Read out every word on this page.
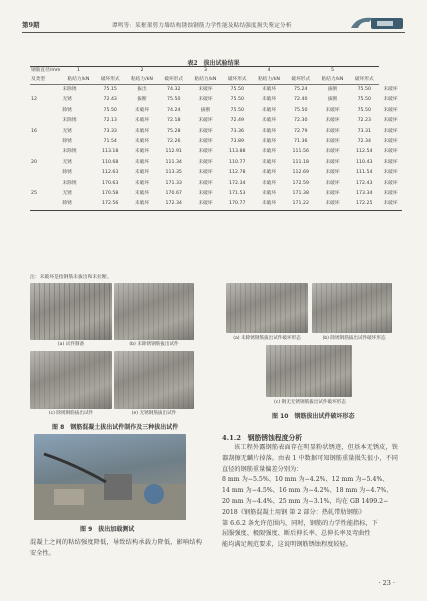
第9期	谭鸣等：某框架剪力墙结构锈蚀钢筋力学性能及粘结强度损失鉴定分析
表2　拔出试验结果
钢筋直径/mm	1		2		3		4		5		
及类型	粘结力/kN	破坏形式	粘结力/kN	破坏形式	粘结力/kN	破坏形式	粘结力/kN	破坏形式	粘结力/kN	破坏形式	
	未除锈	75.15	拔出	74.32	未破坏	75.50	未破坏	75.24	拔断	75.50	未破坏
12	无锈	72.43	拔断	75.50	未破坏	75.50	未破坏	72.40	拔断	75.50	未破坏
	除锈	75.50	未破坏	74.24	拔断	75.50	未破坏	75.50	未破坏	75.50	未破坏
	未除锈	72.13	未破坏	72.18	未破坏	72.49	未破坏	72.30	未破坏	72.23	未破坏
16	无锈	73.33	未破坏	75.28	未破坏	73.36	未破坏	72.79	未破坏	73.31	未破坏
	除锈	71.54	未破坏	72.26	未破坏	73.89	未破坏	71.36	未破坏	72.34	未破坏
	未除锈	113.18	未破坏	112.91	未破坏	113.88	未破坏	111.56	未破坏	112.54	未破坏
20	无锈	110.68	未破坏	111.34	未破坏	110.77	未破坏	111.18	未破坏	110.43	未破坏
	除锈	112.63	未破坏	113.35	未破坏	112.78	未破坏	112.69	未破坏	111.54	未破坏
	未除锈	170.63	未破坏	171.33	未破坏	172.34	未破坏	172.59	未破坏	172.43	未破坏
25	无锈	170.58	未破坏	170.67	未破坏	171.53	未破坏	171.38	未破坏	173.34	未破坏
	除锈	172.56	未破坏	172.34	未破坏	170.77	未破坏	171.22	未破坏	172.25	未破坏
注：未破坏是指钢筋未拔出和未拉断。
(a) 试件制备	(b) 未除锈钢筋拔出试件
(c) 除锈钢筋拔出试件	(e) 无锈钢筋拔出试件
图 8　钢筋混凝土拔出试件制作及三种拔出试件
图 9　拔出加载测试
混凝土之间的粘结强度降低，导致结构承载力降低，影响结构安全性。
(a) 未除锈钢筋拔出试件破坏形态	(b) 除锈钢筋拔出试件破坏形态
(c) 钢无无锈钢筋拔出试件破坏形态
图 10　钢筋拔出试件破坏形态
4.1.2　钢筋锈蚀程度分析
该工程外露钢筋表面存在明显粉状锈迹，但基本无锈皮，铁器刮擦无麟片掉落。由表 1 中数据可知钢筋重量损失很小，不同直径的钢筋重量偏差分别为：
8 mm 为−5.5%、10 mm 为−4.2%、12 mm 为−5.4%、
14 mm 为−4.5%、16 mm 为−4.2%、18 mm 为−4.7%、
20 mm 为−4.4%、25 mm 为−3.1%，均在 GB 1499.2−
2018《钢筋混凝土用钢 第 2 部分：热轧带肋钢筋》
第 6.6.2 条允许范围内，同时，钢筋的力学性能指标，下
屈服强度、极限强度、断后伸长率、总伸长率及弯曲性
能均满足规范要求，这说明钢筋锈蚀程度较轻。
· 23 ·
